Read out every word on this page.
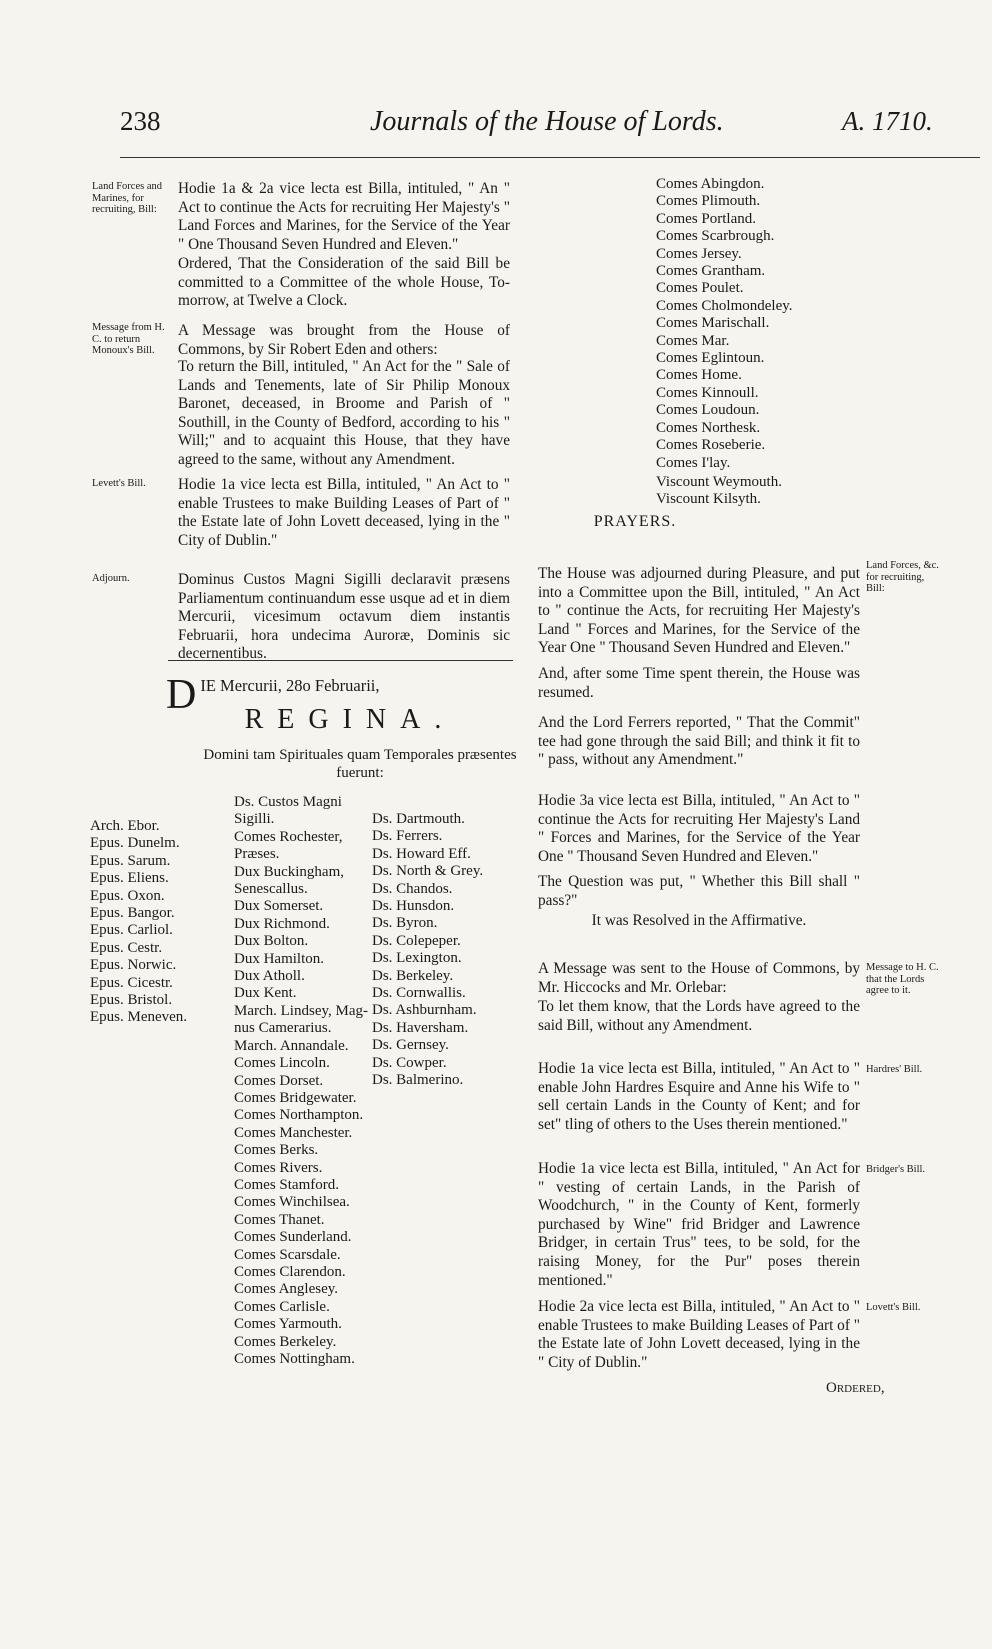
238	Journals of the House of Lords.	A. 1710.
Land Forces and Marines, for recruiting, Bill:

Hodie 1a & 2a vice lecta est Billa, intituled, " An " Act to continue the Acts for recruiting Her Majesty's " Land Forces and Marines, for the Service of the Year " One Thousand Seven Hundred and Eleven."

Ordered, That the Consideration of the said Bill be committed to a Committee of the whole House, To-morrow, at Twelve a Clock.

Message from H. C. to return Monoux's Bill.

A Message was brought from the House of Commons, by Sir Robert Eden and others:

To return the Bill, intituled, " An Act for the " Sale of Lands and Tenements, late of Sir Philip Monoux Baronet, deceased, in Broome and Parish of " Southill, in the County of Bedford, according to his " Will;" and to acquaint this House, that they have agreed to the same, without any Amendment.

Levett's Bill.	Hodie 1a vice lecta est Billa, intituled, " An Act to " enable Trustees to make Building Leases of Part of " the Estate late of John Lovett deceased, lying in the " City of Dublin."

Adjourn.	Dominus Custos Magni Sigilli declaravit præsens Parliamentum continuandum esse usque ad et in diem Mercurii, vicesimum octavum diem instantis Februarii, hora undecima Auroræ, Dominis sic decernentibus.

DIE Mercurii, 28o Februarii,
REGINA.
Domini tam Spirituales quam Temporales præsentes fuerunt:
Arch. Ebor.
Epus. Dunelm.
Epus. Sarum.
Epus. Eliens.
Epus. Oxon.
Epus. Bangor.
Epus. Carliol.
Epus. Cestr.
Epus. Norwic.
Epus. Cicestr.
Epus. Bristol.
Epus. Meneven.
Ds. Custos Magni
Sigilli.
Comes Rochester,
Præses.
Dux Buckingham,
Senescallus.
Dux Somerset.
Dux Richmond.
Dux Bolton.
Dux Hamilton.
Dux Atholl.
Dux Kent.
March. Lindsey, Mag-
nus Camerarius.
March. Annandale.
Comes Lincoln.
Comes Dorset.
Comes Bridgewater.
Comes Northampton.
Comes Manchester.
Comes Berks.
Comes Rivers.
Comes Stamford.
Comes Winchilsea.
Comes Thanet.
Comes Sunderland.
Comes Scarsdale.
Comes Clarendon.
Comes Anglesey.
Comes Carlisle.
Comes Yarmouth.
Comes Berkeley.
Comes Nottingham.
Ds. Dartmouth.
Ds. Ferrers.
Ds. Howard Eff.
Ds. North & Grey.
Ds. Chandos.
Ds. Hunsdon.
Ds. Byron.
Ds. Colepeper.
Ds. Lexington.
Ds. Berkeley.
Ds. Cornwallis.
Ds. Ashburnham.
Ds. Haversham.
Ds. Gernsey.
Ds. Cowper.
Ds. Balmerino.
Comes Abingdon.
Comes Plimouth.
Comes Portland.
Comes Scarbrough.
Comes Jersey.
Comes Grantham.
Comes Poulet.
Comes Cholmondeley.
Comes Marischall.
Comes Mar.
Comes Eglintoun.
Comes Home.
Comes Kinnoull.
Comes Loudoun.
Comes Northesk.
Comes Roseberie.
Comes I'lay.
Viscount Weymouth.
Viscount Kilsyth.
PRAYERS.

The House was adjourned during Pleasure, and put into a Committee upon the Bill, intituled, " An Act to " continue the Acts, for recruiting Her Majesty's Land " Forces and Marines, for the Service of the Year One " Thousand Seven Hundred and Eleven."

Land Forces, &c. for recruiting, Bill:

And, after some Time spent therein, the House was resumed.

And the Lord Ferrers reported, " That the Commit" tee had gone through the said Bill; and think it fit to " pass, without any Amendment."

Hodie 3a vice lecta est Billa, intituled, " An Act to " continue the Acts for recruiting Her Majesty's Land " Forces and Marines, for the Service of the Year One " Thousand Seven Hundred and Eleven."

The Question was put, " Whether this Bill shall " pass?"

It was Resolved in the Affirmative.

A Message was sent to the House of Commons, by Mr. Hiccocks and Mr. Orlebar:

Message to H. C. that the Lords agree to it.

To let them know, that the Lords have agreed to the said Bill, without any Amendment.

Hodie 1a vice lecta est Billa, intituled, " An Act to " enable John Hardres Esquire and Anne his Wife to " sell certain Lands in the County of Kent; and for set" tling of others to the Uses therein mentioned."

Hardres' Bill.

Hodie 1a vice lecta est Billa, intituled, " An Act for " vesting of certain Lands, in the Parish of Woodchurch, " in the County of Kent, formerly purchased by Wine" frid Bridger and Lawrence Bridger, in certain Trus" tees, to be sold, for the raising Money, for the Pur" poses therein mentioned."

Bridger's Bill.

Hodie 2a vice lecta est Billa, intituled, " An Act to " enable Trustees to make Building Leases of Part of " the Estate late of John Lovett deceased, lying in the " City of Dublin."

Lovett's Bill.
Ordered,
